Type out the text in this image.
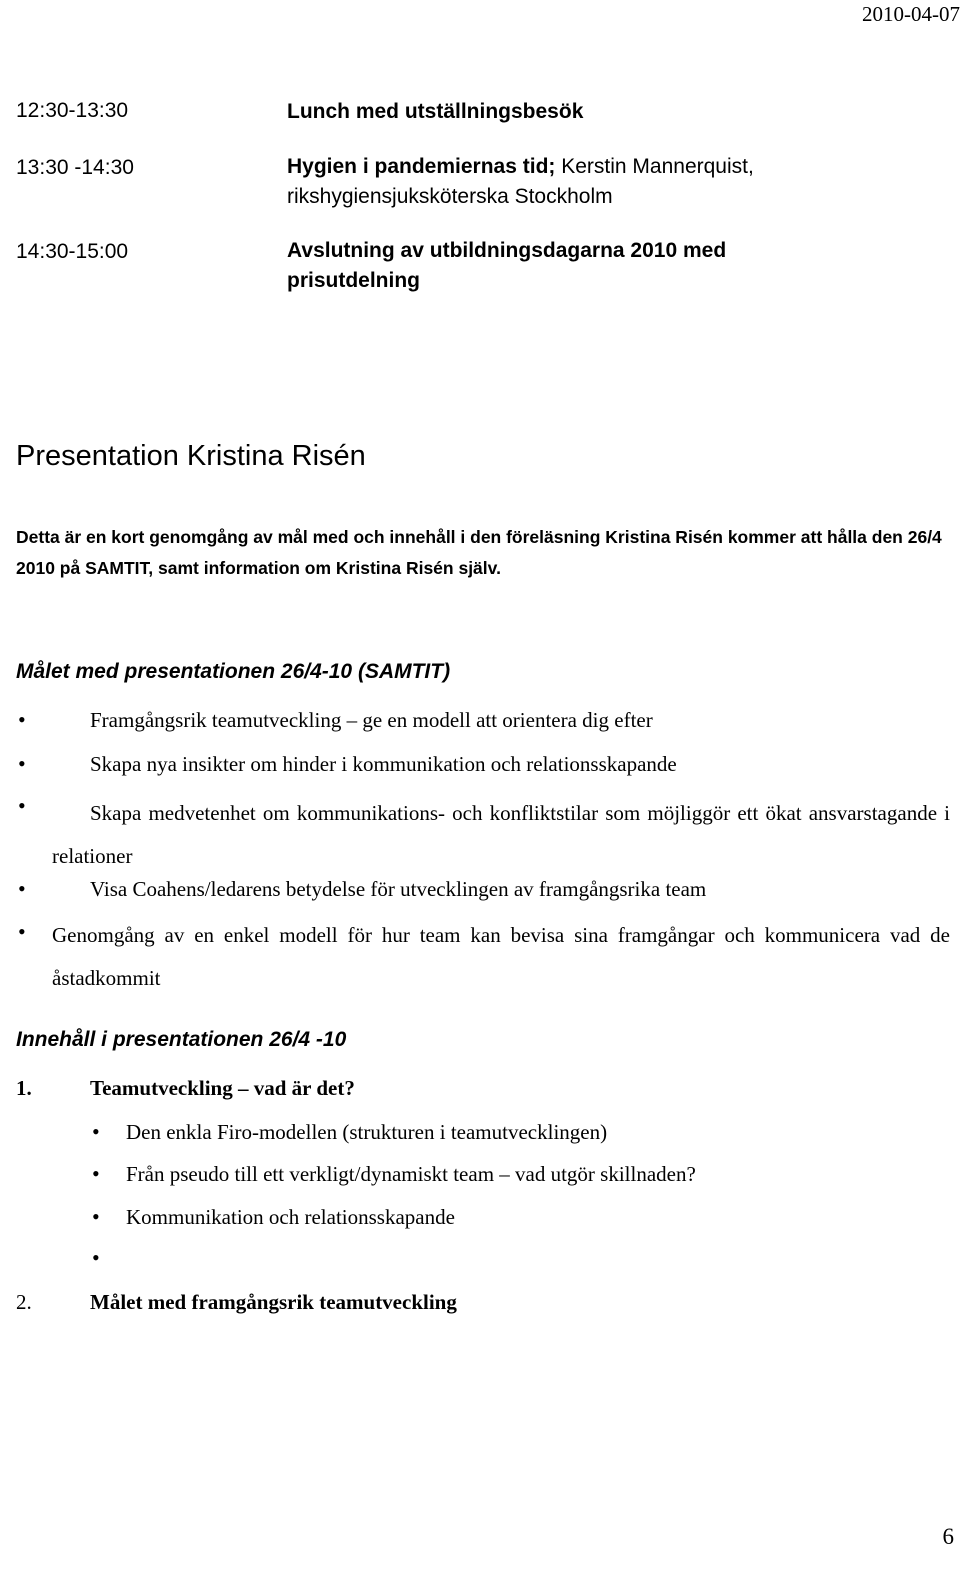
2010-04-07
12:30-13:30	Lunch med utställningsbesök
13:30 -14:30	Hygien i pandemiernas tid; Kerstin Mannerquist, rikshygiensjuksköterska Stockholm
14:30-15:00	Avslutning av utbildningsdagarna 2010 med prisutdelning
Presentation Kristina Risén
Detta är en kort genomgång av mål med och innehåll i den föreläsning Kristina Risén kommer att hålla den 26/4 2010 på SAMTIT, samt information om Kristina Risén själv.
Målet med presentationen 26/4-10 (SAMTIT)
•	Framgångsrik teamutveckling – ge en modell att orientera dig efter
•	Skapa nya insikter om hinder i kommunikation och relationsskapande
•	Skapa medvetenhet om kommunikations- och konfliktstilar som möjliggör ett ökat ansvarstagande i relationer
•	Visa Coahens/ledarens betydelse för utvecklingen av framgångsrika team
• Genomgång av en enkel modell för hur team kan bevisa sina framgångar och kommunicera vad de åstadkommit
Innehåll i presentationen 26/4 -10
1.	Teamutveckling – vad är det?
• Den enkla Firo-modellen (strukturen i teamutvecklingen)
• Från pseudo till ett verkligt/dynamiskt team – vad utgör skillnaden?
• Kommunikation och relationsskapande
•
2.	Målet med framgångsrik teamutveckling
6
